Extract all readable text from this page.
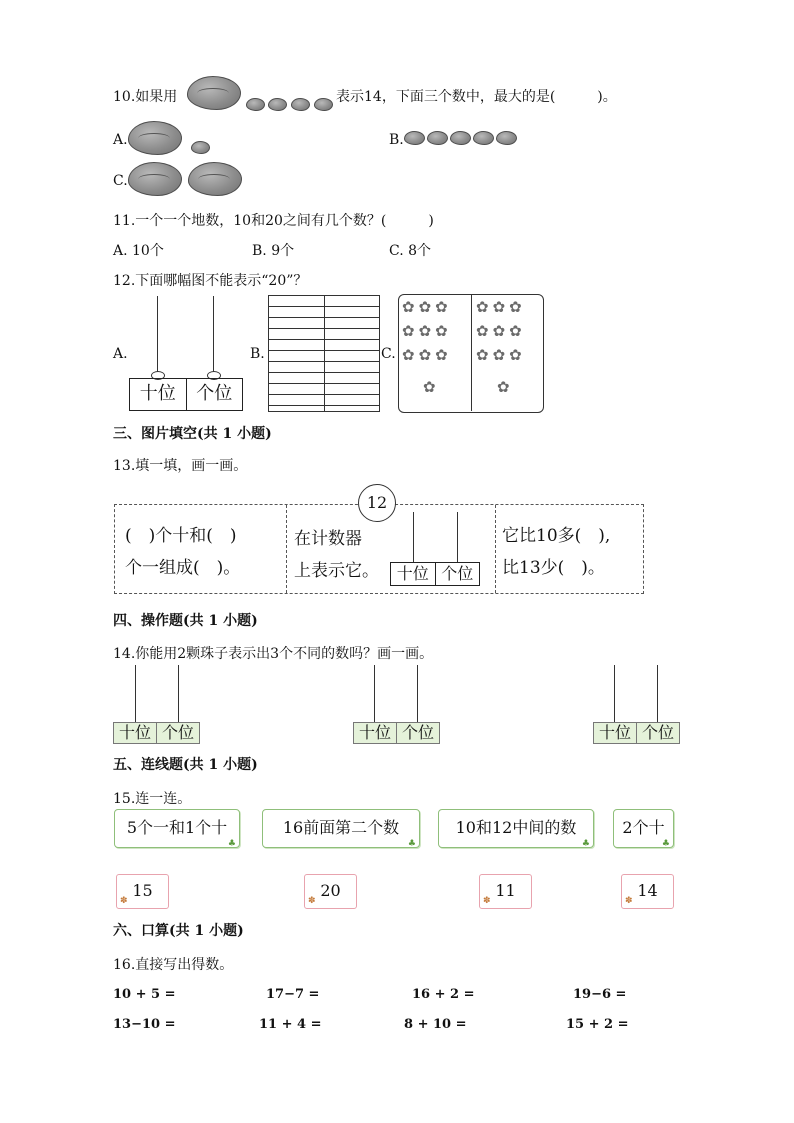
10.如果用	表示14，下面三个数中，最大的是(　　　)。
A.	B.
C.
11.一个一个地数，10和20之间有几个数？(　　　)
A. 10个	B. 9个	C. 8个
12.下面哪幅图不能表示“20”？
A.
十位	个位
B.	C.
✿✿✿
✿✿✿
✿✿✿
✿
✿✿✿
✿✿✿
✿✿✿
✿
三、图片填空(共 1 小题)
13.填一填，画一画。
12
(　)个十和(　)
个一组成(　)。
在计数器
上表示它。	十位 个位
它比10多(　),
比13少(　)。
四、操作题(共 1 小题)
14.你能用2颗珠子表示出3个不同的数吗？画一画。
十位 个位	十位 个位	十位 个位
五、连线题(共 1 小题)
15.连一连。
5个一和1个十
♣
16前面第二个数
♣
10和12中间的数
♣
2个十
♣
15
✽
20
✽
11
✽
14
✽
六、口算(共 1 小题)
16.直接写出得数。
10 + 5 =	17−7 =	16 + 2 =	19−6 =
13−10 =	11 + 4 =	8 + 10 =	15 + 2 =
